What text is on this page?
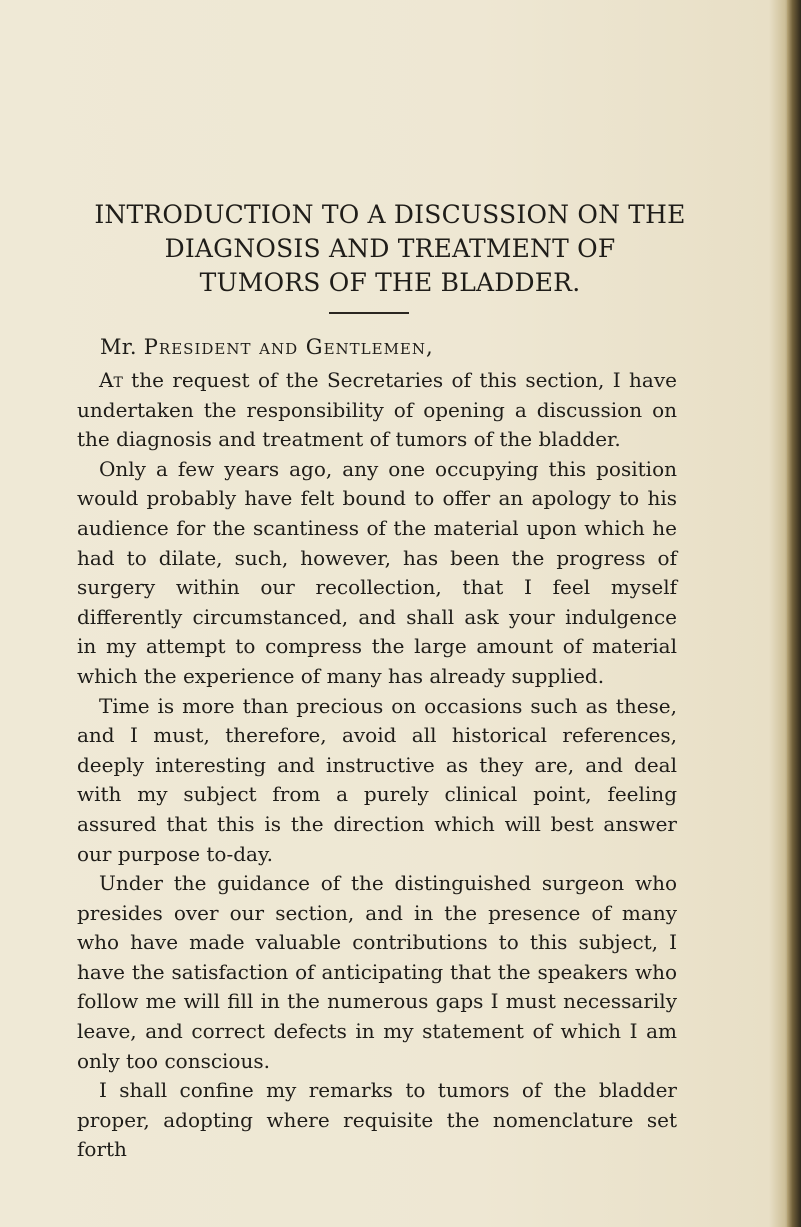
INTRODUCTION TO A DISCUSSION ON THE
DIAGNOSIS AND TREATMENT OF
TUMORS OF THE BLADDER.
Mr. President and Gentlemen,

At the request of the Secretaries of this section, I have undertaken the responsibility of opening a discussion on the diagnosis and treatment of tumors of the bladder.

Only a few years ago, any one occupying this position would probably have felt bound to offer an apology to his audience for the scantiness of the material upon which he had to dilate, such, however, has been the progress of surgery within our recollection, that I feel myself differently circumstanced, and shall ask your indulgence in my attempt to compress the large amount of material which the experience of many has already supplied.

Time is more than precious on occasions such as these, and I must, therefore, avoid all historical references, deeply interesting and instructive as they are, and deal with my subject from a purely clinical point, feeling assured that this is the direction which will best answer our purpose to-day.

Under the guidance of the distinguished surgeon who presides over our section, and in the presence of many who have made valuable contributions to this subject, I have the satisfaction of anticipating that the speakers who follow me will fill in the numerous gaps I must necessarily leave, and correct defects in my statement of which I am only too conscious.

I shall confine my remarks to tumors of the bladder proper, adopting where requisite the nomenclature set forth
